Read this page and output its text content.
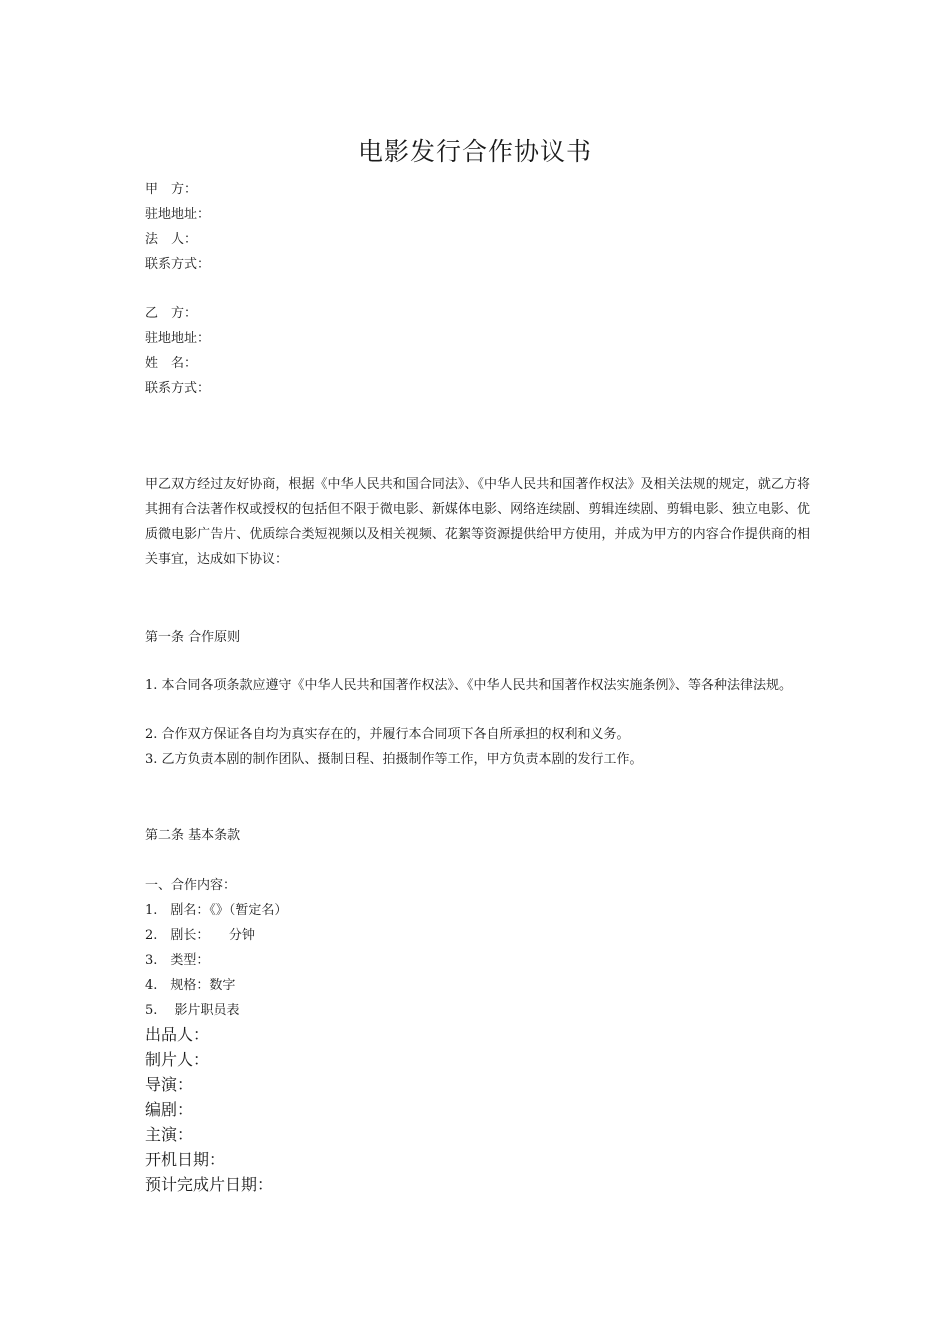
电影发行合作协议书
甲　方：
驻地地址：
法　人：
联系方式：
乙　方：
驻地地址：
姓　名：
联系方式：
甲乙双方经过友好协商，根据《中华人民共和国合同法》、《中华人民共和国著作权法》及相关法规的规定，就乙方将其拥有合法著作权或授权的包括但不限于微电影、新媒体电影、网络连续剧、剪辑连续剧、剪辑电影、独立电影、优质微电影广告片、优质综合类短视频以及相关视频、花絮等资源提供给甲方使用，并成为甲方的内容合作提供商的相关事宜，达成如下协议：
第一条 合作原则
1. 本合同各项条款应遵守《中华人民共和国著作权法》、《中华人民共和国著作权法实施条例》、等各种法律法规。
2. 合作双方保证各自均为真实存在的，并履行本合同项下各自所承担的权利和义务。
3. 乙方负责本剧的制作团队、摄制日程、拍摄制作等工作，甲方负责本剧的发行工作。
第二条 基本条款
一、合作内容：
1.　剧名：《》（暂定名）
2.　剧长：　　分钟
3.　类型：
4.　规格：数字
5.　 影片职员表
出品人：
制片人：
导演：
编剧：
主演：
开机日期：
预计完成片日期：
